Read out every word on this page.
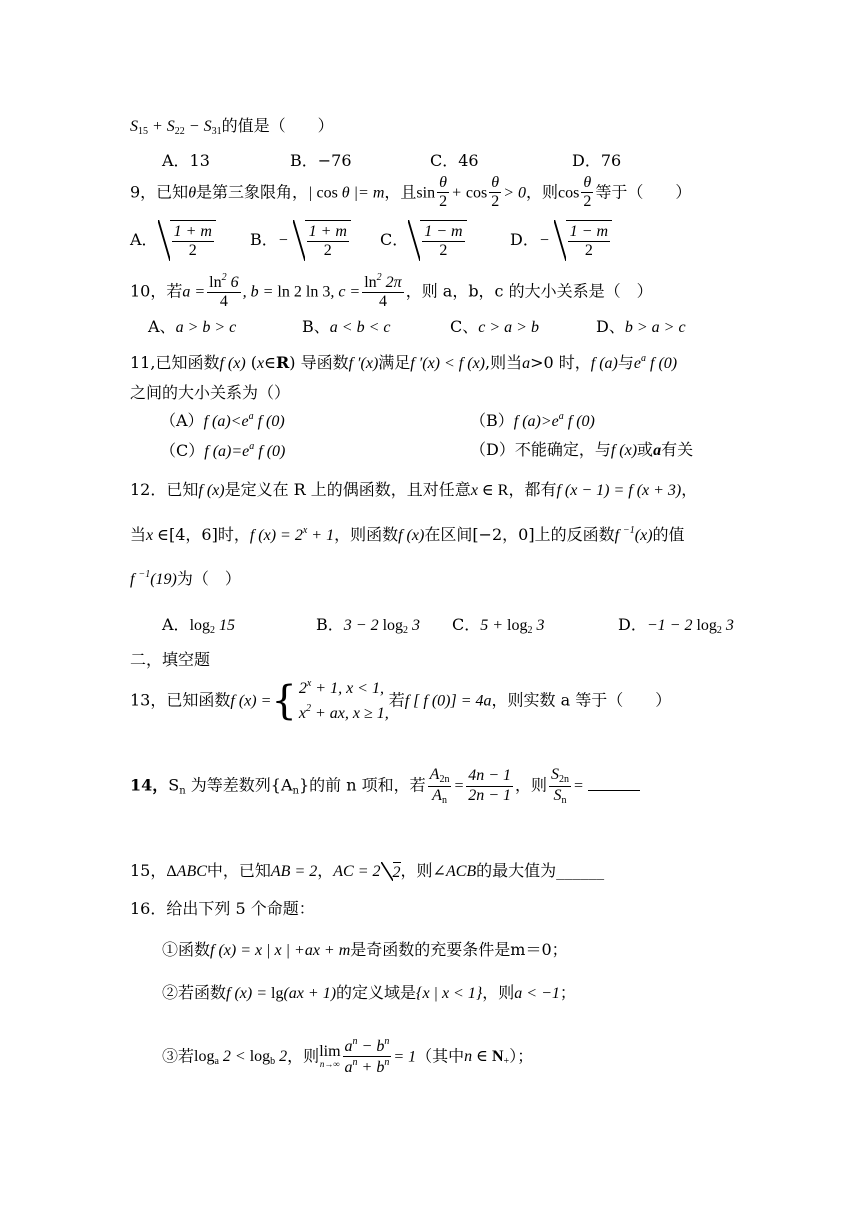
$S_{15} + S_{22} - S_{31}$的值是（　　）
A．13	B．−76	C．46	D．76
9，已知θ是第三象限角，| cos θ |= m，且$\sin \frac{\theta}{2} + \cos \frac{\theta}{2} > 0$，则$\cos \frac{\theta}{2}$ 等于（　　）
A． $\frac{1 + m}{2}$ B．− $\frac{1 + m}{2}$ C． $\frac{1 - m}{2}$	D．− $\frac{1 - m}{2}$
10，若$a = \frac{\ln^2 6}{4}$ , b = ln 2 ln 3, $c = \frac{\ln^2 2\pi}{4}$ ，则 a，b，c 的大小关系是（　）
A、a > b > c	B、a < b < c	C、c > a > b	D、b > a > c
11,已知函数f (x) (x∈R) 导函数f ′(x)满足f ′(x) < f (x),则当a>0 时，f (a)与$e^a$ f (0)
之间的大小关系为（）
（A）f $(a)<e^a$ f (0)	（B）f $(a)>e^a$ f (0)
（C）f $(a)=e^a$ f (0)	（D）不能确定，与f (x)或a有关
12．已知f (x)是定义在 R 上的偶函数，且对任意x ∈ R，都有f (x − 1) = f (x + 3)，
当x ∈[4，6]时，f $(x) = 2^x + 1$，则函数f (x)在区间[−2，0]上的反函数f $^{-1}$(x)的值
f $^{-1}$(19)为（　）
A．$\log_2 15$	B．3 − 2 $\log_2 3$ C．$5 + \log_2 3$	D．−1 − 2 $\log_2 3$
二，填空题
13，已知函数f (x) ={ $2^x + 1$, x < 1,
$x^2$ + ax, x ≥ 1,
若f [ f (0)] = 4a，则实数 a 等于（　　）
14，$S_n$ 为等差数列$\{A_n\}$的前 n 项和，若 $\frac{A_{2n}}{A_n} = \frac{4n - 1}{2n - 1}$ ，则 $\frac{S_{2n}}{S_n}$ =
15，ΔABC中，已知AB = 2，AC = 2 2，则∠ACB的最大值为______
16．给出下列 5 个命题：
①函数f (x) = x | x | +ax + m是奇函数的充要条件是m＝0；
②若函数f (x) = lg(ax + 1)的定义域是{x | x < 1}，则a < −1；
③若$\log_a 2 < \log_b 2$，则 lim
$n\to\infty \frac{a^n - b^n}{a^n + b^n} = 1$（其中n ∈ $N_+$）；
